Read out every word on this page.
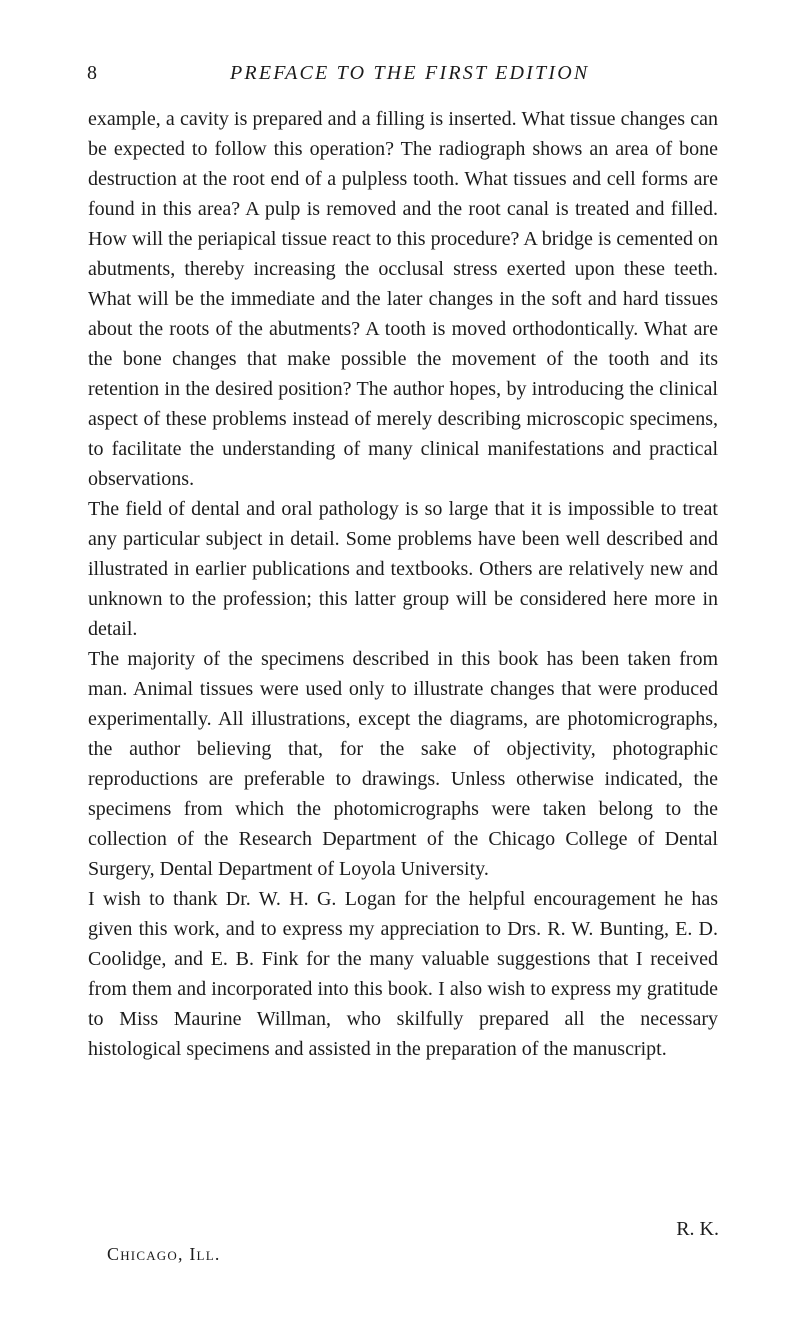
8	PREFACE TO THE FIRST EDITION

example, a cavity is prepared and a filling is inserted. What tissue changes can be expected to follow this operation? The radiograph shows an area of bone destruction at the root end of a pulpless tooth. What tissues and cell forms are found in this area? A pulp is removed and the root canal is treated and filled. How will the periapical tissue react to this procedure? A bridge is cemented on abutments, thereby increasing the occlusal stress exerted upon these teeth. What will be the immediate and the later changes in the soft and hard tissues about the roots of the abutments? A tooth is moved orthodontically. What are the bone changes that make possible the movement of the tooth and its retention in the desired position? The author hopes, by introducing the clinical aspect of these problems instead of merely describing microscopic specimens, to facilitate the understanding of many clinical manifestations and practical observations.

The field of dental and oral pathology is so large that it is impossible to treat any particular subject in detail. Some problems have been well described and illustrated in earlier publications and textbooks. Others are relatively new and unknown to the profession; this latter group will be considered here more in detail.

The majority of the specimens described in this book has been taken from man. Animal tissues were used only to illustrate changes that were produced experimentally. All illustrations, except the diagrams, are photomicrographs, the author believing that, for the sake of objectivity, photographic reproductions are preferable to drawings. Unless otherwise indicated, the specimens from which the photomicrographs were taken belong to the collection of the Research Department of the Chicago College of Dental Surgery, Dental Department of Loyola University.

I wish to thank Dr. W. H. G. Logan for the helpful encouragement he has given this work, and to express my appreciation to Drs. R. W. Bunting, E. D. Coolidge, and E. B. Fink for the many valuable suggestions that I received from them and incorporated into this book. I also wish to express my gratitude to Miss Maurine Willman, who skilfully prepared all the necessary histological specimens and assisted in the preparation of the manuscript.

R. K.
Chicago, Ill.
